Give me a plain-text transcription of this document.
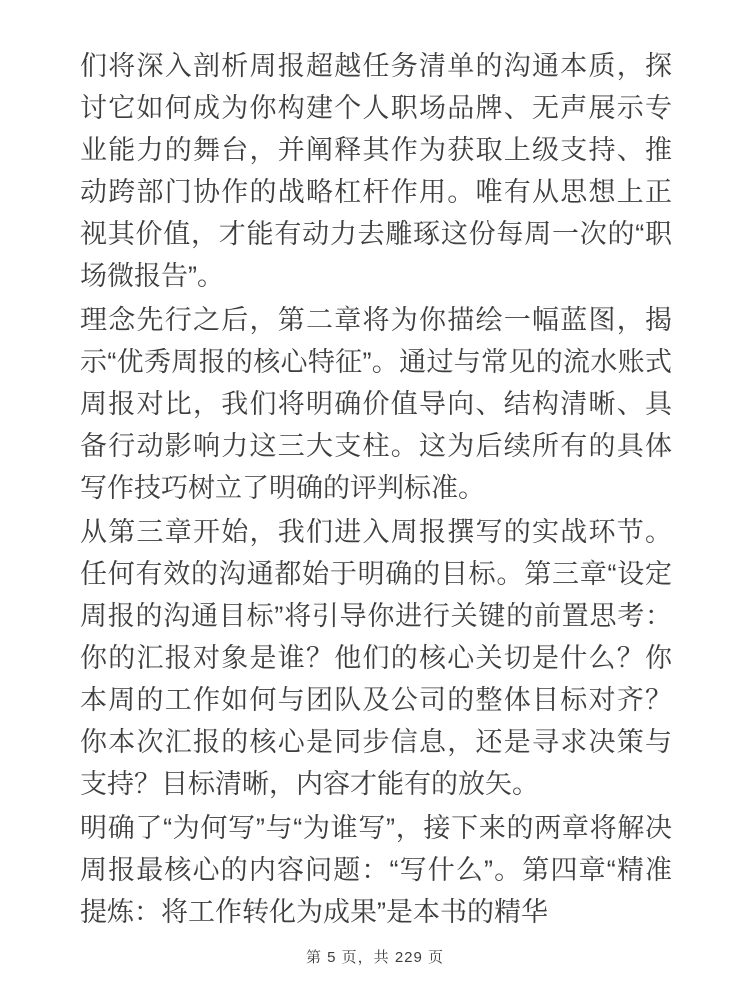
们将深入剖析周报超越任务清单的沟通本质，探讨它如何成为你构建个人职场品牌、无声展示专业能力的舞台，并阐释其作为获取上级支持、推动跨部门协作的战略杠杆作用。唯有从思想上正视其价值，才能有动力去雕琢这份每周一次的“职场微报告”。

理念先行之后，第二章将为你描绘一幅蓝图，揭示“优秀周报的核心特征”。通过与常见的流水账式周报对比，我们将明确价值导向、结构清晰、具备行动影响力这三大支柱。这为后续所有的具体写作技巧树立了明确的评判标准。

从第三章开始，我们进入周报撰写的实战环节。任何有效的沟通都始于明确的目标。第三章“设定周报的沟通目标”将引导你进行关键的前置思考：你的汇报对象是谁？他们的核心关切是什么？你本周的工作如何与团队及公司的整体目标对齐？你本次汇报的核心是同步信息，还是寻求决策与支持？目标清晰，内容才能有的放矢。

明确了“为何写”与“为谁写”，接下来的两章将解决周报最核心的内容问题：“写什么”。第四章“精准提炼：将工作转化为成果”是本书的精华

第 5 页，共 229 页
